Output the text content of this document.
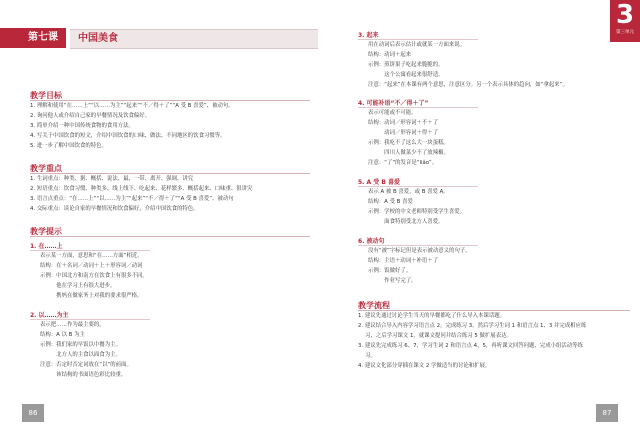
第七课	中国美食
教学目标
1. 理解和使用“在……上”“以……为主”“起来”“不／得＋了”“A 受 B 喜爱”、被动句。
2. 询问他人或介绍自己家的早餐情况及饮食偏好。
3. 简单介绍一种中国传统食物的食用方法。
4. 写关于中国饮食的短文，介绍中国饮食的口味、做法、不同地区的饮食习惯等。
5. 进一步了解中国饮食的特色。
教学重点
1. 生词重点：种类、据、概括、说法、最、一带、离开、强调、讲究
2. 短语重点：饮食习惯、种类多、线上线下、吃起来、花样繁多、概括起来、口味重、很讲究
3. 语言点重点：“在……上”“以……为主”“起来”“不／得＋了”“A 受 B 喜爱”、被动句
4. 交际重点：谈论自家的早餐情况和饮食偏好，介绍中国饮食的特色。
教学提示
1. 在……上
表示某一方面，意思和“在……方面”相近。
结构：在＋名词／动词＋上＋形容词／动词
示例：中国北方和南方在饮食上有很多不同。
　　　他在学习上有很大进步。
　　　携妈在做家务上对我的要求很严格。
2. 以……为主
表示把……作为最主要的。
结构：A 以 B 为主
示例：我们家的早饭以中餐为主。
　　　北方人的主食以面食为主。
注意：否定时否定词放在“以”的前面。
　　　该结构的书面语色彩比较重。
86
3
第三单元
3. 起来
用在动词后表示估计或就某一方面来说。
结构：动词＋起来
示例：煎饼果子吃起来脆脆的。
　　　这个公寓看起来很舒适。
注意：“起来”在本课有两个意思，注意区分。另一个表示具体的趋向，如“拿起来”。
4. 可能补语“不／得＋了”
表示可能或不可能。
结构：动词／形容词＋不＋了
　　　动词／形容词＋得＋了
示例：我吃不了这么大一块蛋糕。
　　　四川人做菜少不了放辣椒。
注意：“了”的发音是“liǎo”。
5. A 受 B 喜爱
表示 A 被 B 喜爱，或 B 喜爱 A。
结构：A 受 B 喜爱
示例：学校的中文老师特别受学生喜爱。
　　　面食特别受北方人喜爱。
6. 被动句
没有“被”字标记但是表示被动意义的句子。
结构：主语＋动词＋补语＋了
示例：饭做好了。
　　　作业写完了。
教学流程
1. 建议先通过讨论学生当天的早餐都吃了什么导入本课话题。
2. 建议结合导入内容学习语言点 2。完成练习 3。然后学习生词 1 和语言点 1、3 并完成相应练
　 习，之后学习课文 1，就课文提问并结合练习 5 做扩展表达。
3. 建议先完成练习 6、7，学习生词 2 和语言点 4、5，再听课文回答问题，完成小组活动等练
　 习。
4. 建议文化部分穿插在课文 2 学做适当的讨论和扩展。
87
